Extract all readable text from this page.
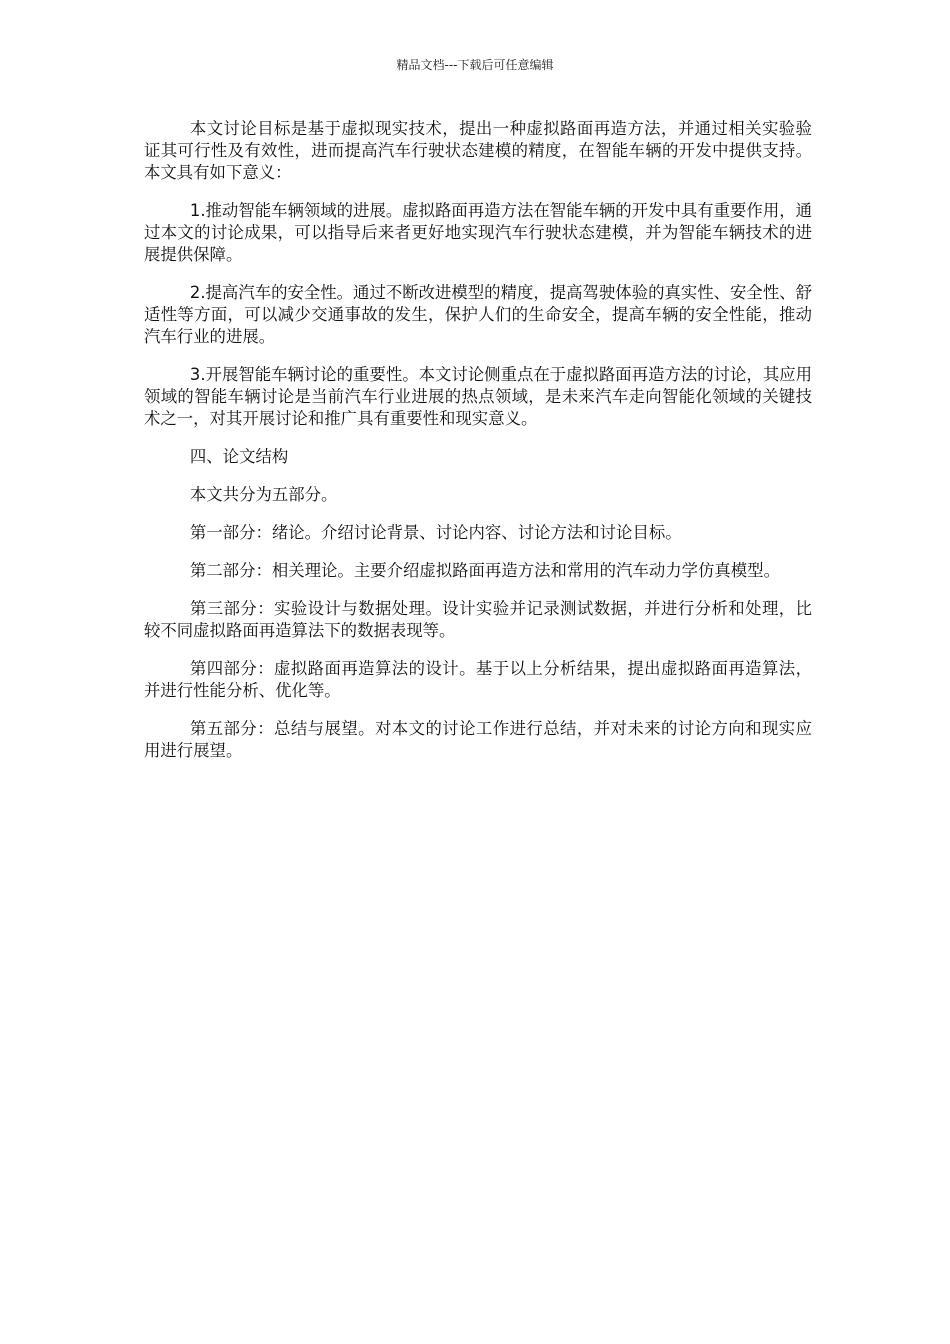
精品文档---下载后可任意编辑

本文讨论目标是基于虚拟现实技术，提出一种虚拟路面再造方法，并通过相关实验验证其可行性及有效性，进而提高汽车行驶状态建模的精度，在智能车辆的开发中提供支持。本文具有如下意义：

1.推动智能车辆领域的进展。虚拟路面再造方法在智能车辆的开发中具有重要作用，通过本文的讨论成果，可以指导后来者更好地实现汽车行驶状态建模，并为智能车辆技术的进展提供保障。

2.提高汽车的安全性。通过不断改进模型的精度，提高驾驶体验的真实性、安全性、舒适性等方面，可以减少交通事故的发生，保护人们的生命安全，提高车辆的安全性能，推动汽车行业的进展。

3.开展智能车辆讨论的重要性。本文讨论侧重点在于虚拟路面再造方法的讨论，其应用领域的智能车辆讨论是当前汽车行业进展的热点领域，是未来汽车走向智能化领域的关键技术之一，对其开展讨论和推广具有重要性和现实意义。

四、论文结构

本文共分为五部分。

第一部分：绪论。介绍讨论背景、讨论内容、讨论方法和讨论目标。

第二部分：相关理论。主要介绍虚拟路面再造方法和常用的汽车动力学仿真模型。

第三部分：实验设计与数据处理。设计实验并记录测试数据，并进行分析和处理，比较不同虚拟路面再造算法下的数据表现等。

第四部分：虚拟路面再造算法的设计。基于以上分析结果，提出虚拟路面再造算法，并进行性能分析、优化等。

第五部分：总结与展望。对本文的讨论工作进行总结，并对未来的讨论方向和现实应用进行展望。
